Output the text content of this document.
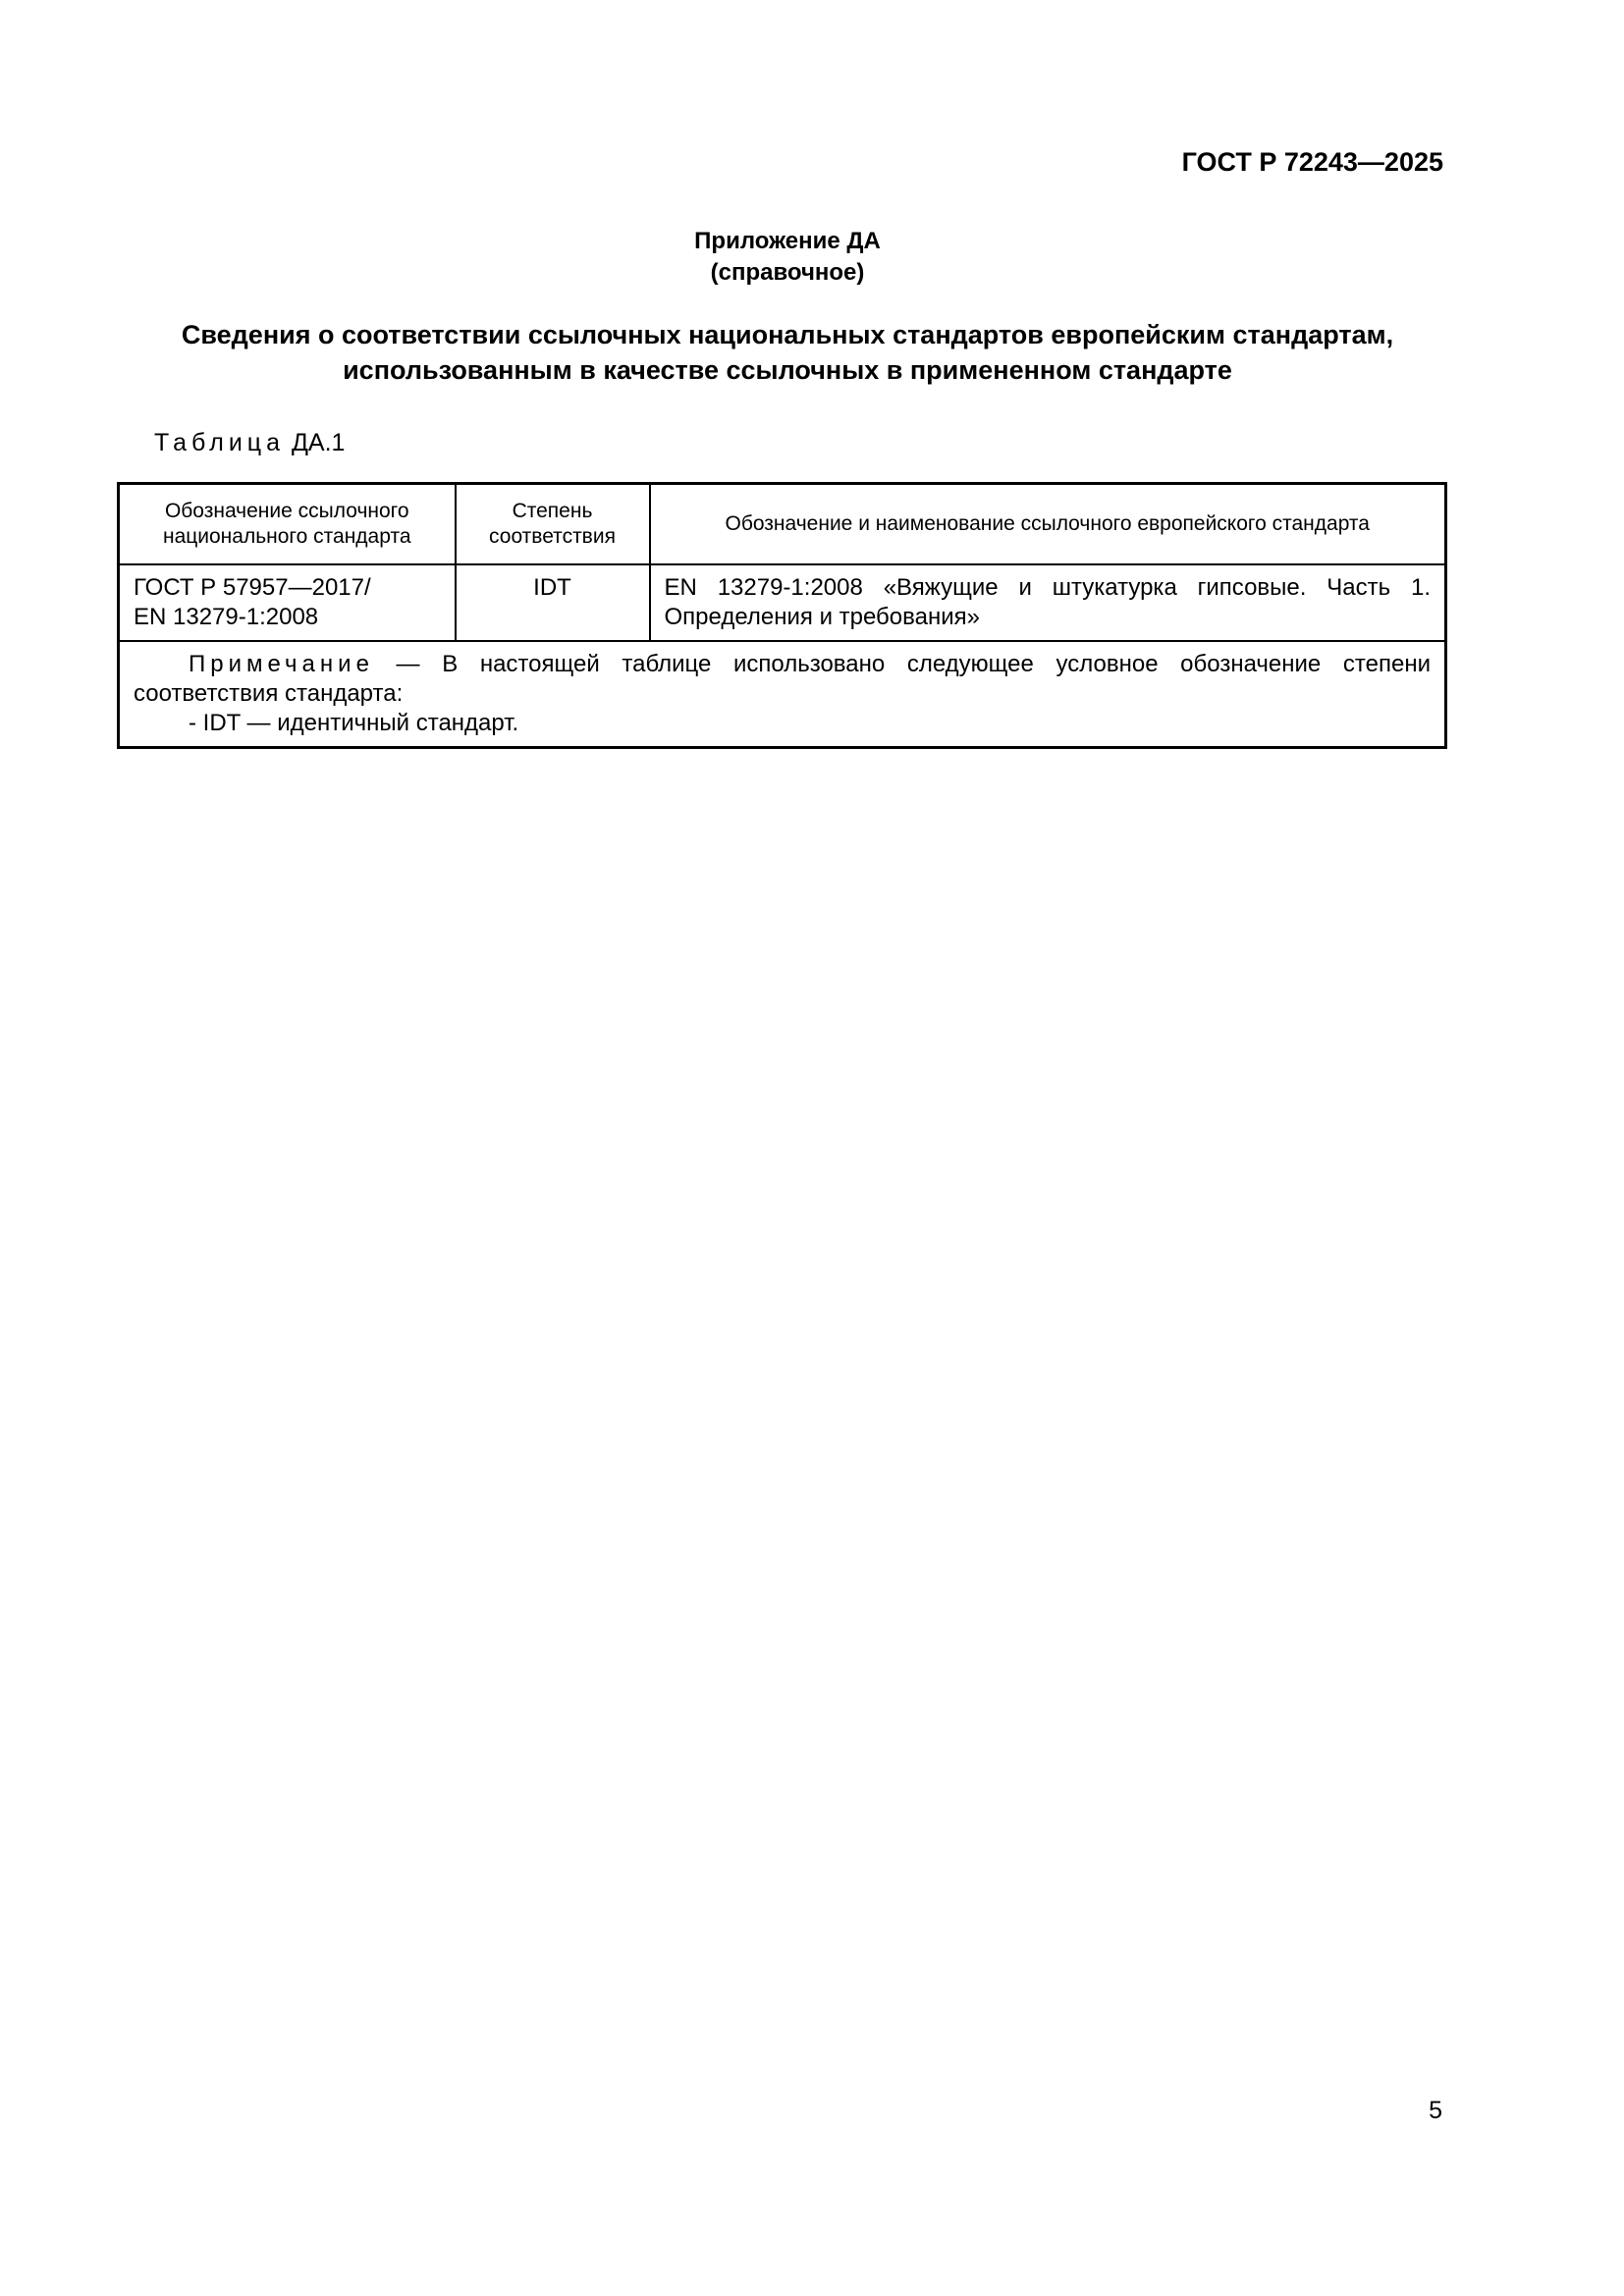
ГОСТ Р 72243—2025
Приложение ДА
(справочное)
Сведения о соответствии ссылочных национальных стандартов европейским стандартам,
использованным в качестве ссылочных в примененном стандарте
Таблица ДА.1
Обозначение ссылочного национального стандарта	Степень соответствия	Обозначение и наименование ссылочного европейского стандарта

ГОСТ Р 57957—2017/
EN 13279-1:2008	IDT	EN 13279-1:2008 «Вяжущие и штукатурка гипсовые. Часть 1. Определения и требования»

Примечание — В настоящей таблице использовано следующее условное обозначение степени соответствия стандарта:
- IDT — идентичный стандарт.		
5
